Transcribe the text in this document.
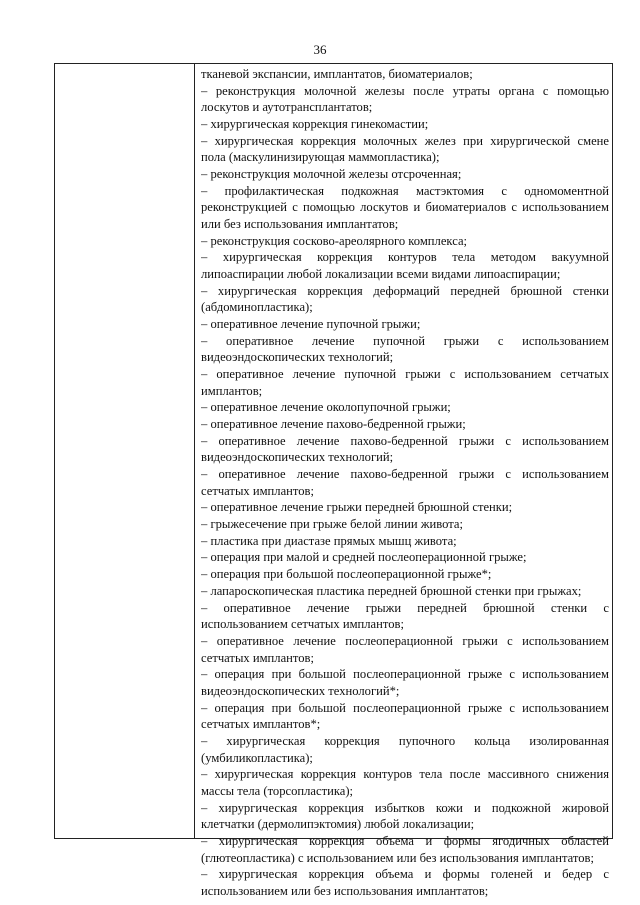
36
тканевой экспансии, имплантатов, биоматериалов;
– реконструкция молочной железы после утраты органа с помощью
лоскутов и аутотрансплантатов;
– хирургическая коррекция гинекомастии;
– хирургическая коррекция молочных желез при хирургической смене
пола (маскулинизирующая маммопластика);
– реконструкция молочной железы отсроченная;
– профилактическая подкожная мастэктомия с одномоментной
реконструкцией с помощью лоскутов и биоматериалов с использованием
или без использования имплантатов;
– реконструкция сосково-ареолярного комплекса;
– хирургическая коррекция контуров тела методом вакуумной
липоаспирации любой локализации всеми видами липоаспирации;
– хирургическая коррекция деформаций передней брюшной стенки
(абдоминопластика);
– оперативное лечение пупочной грыжи;
– оперативное лечение пупочной грыжи с использованием
видеоэндоскопических технологий;
– оперативное лечение пупочной грыжи с использованием сетчатых
имплантов;
– оперативное лечение околопупочной грыжи;
– оперативное лечение пахово-бедренной грыжи;
– оперативное лечение пахово-бедренной грыжи с использованием
видеоэндоскопических технологий;
– оперативное лечение пахово-бедренной грыжи с использованием
сетчатых имплантов;
– оперативное лечение грыжи передней брюшной стенки;
– грыжесечение при грыже белой линии живота;
– пластика при диастазе прямых мышц живота;
– операция при малой и средней послеоперационной грыже;
– операция при большой послеоперационной грыже*;
– лапароскопическая пластика передней брюшной стенки при грыжах;
– оперативное лечение грыжи передней брюшной стенки с
использованием сетчатых имплантов;
– оперативное лечение послеоперационной грыжи с использованием
сетчатых имплантов;
– операция при большой послеоперационной грыже с использованием
видеоэндоскопических технологий*;
– операция при большой послеоперационной грыже с использованием
сетчатых имплантов*;
– хирургическая коррекция пупочного кольца изолированная
(умбиликопластика);
– хирургическая коррекция контуров тела после массивного снижения
массы тела (торсопластика);
– хирургическая коррекция избытков кожи и подкожной жировой
клетчатки (дермолипэктомия) любой локализации;
– хирургическая коррекция объема и формы ягодичных областей
(глютеопластика) с использованием или без использования имплантатов;
– хирургическая коррекция объема и формы голеней и бедер с
использованием или без использования имплантатов;
